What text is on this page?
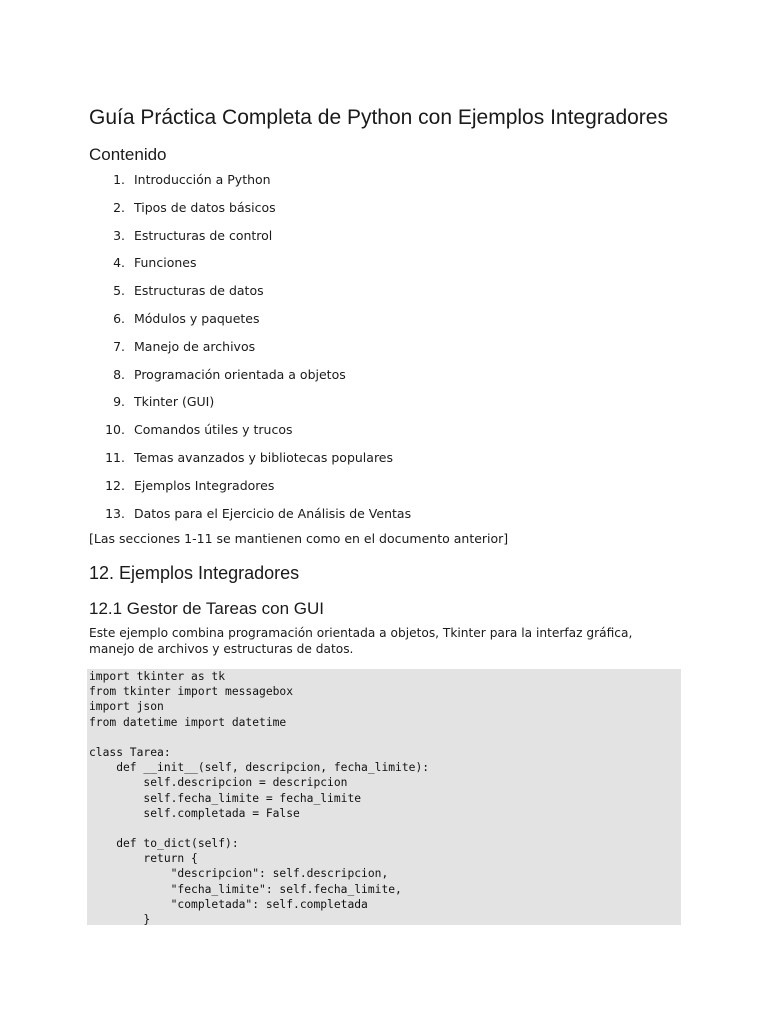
Guía Práctica Completa de Python con Ejemplos Integradores
Contenido
1. Introducción a Python
2. Tipos de datos básicos
3. Estructuras de control
4. Funciones
5. Estructuras de datos
6. Módulos y paquetes
7. Manejo de archivos
8. Programación orientada a objetos
9. Tkinter (GUI)
10. Comandos útiles y trucos
11. Temas avanzados y bibliotecas populares
12. Ejemplos Integradores
13. Datos para el Ejercicio de Análisis de Ventas

[Las secciones 1-11 se mantienen como en el documento anterior]

12. Ejemplos Integradores
12.1 Gestor de Tareas con GUI

Este ejemplo combina programación orientada a objetos, Tkinter para la interfaz gráfica, manejo de archivos y estructuras de datos.

import tkinter as tk
from tkinter import messagebox
import json
from datetime import datetime

class Tarea:
def __init__(self, descripcion, fecha_limite):
self.descripcion = descripcion
self.fecha_limite = fecha_limite
self.completada = False

def to_dict(self):
return {
"descripcion": self.descripcion,
"fecha_limite": self.fecha_limite,
"completada": self.completada
}
